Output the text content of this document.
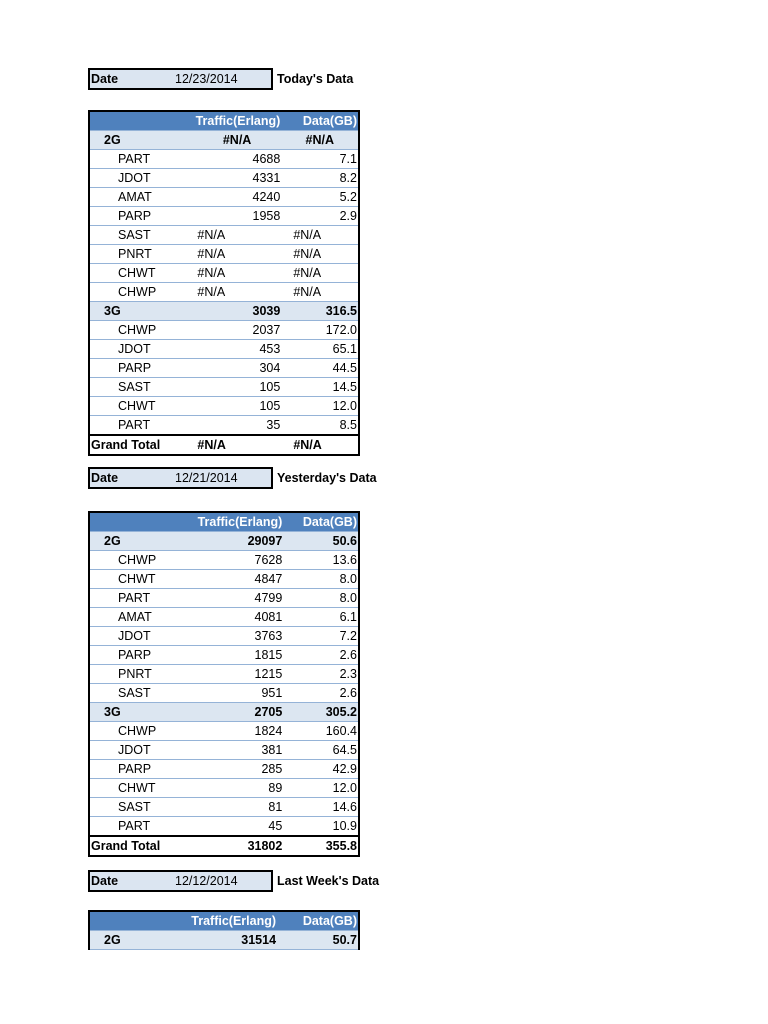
Date	12/23/2014	Today's Data
	Traffic(Erlang)	Data(GB)
2G	#N/A	#N/A
PART	4688	7.1
JDOT	4331	8.2
AMAT	4240	5.2
PARP	1958	2.9
SAST	#N/A	#N/A
PNRT	#N/A	#N/A
CHWT	#N/A	#N/A
CHWP	#N/A	#N/A
3G	3039	316.5
CHWP	2037	172.0
JDOT	453	65.1
PARP	304	44.5
SAST	105	14.5
CHWT	105	12.0
PART	35	8.5
Grand Total	#N/A	#N/A
Date	12/21/2014	Yesterday's Data
	Traffic(Erlang)	Data(GB)
2G	29097	50.6
CHWP	7628	13.6
CHWT	4847	8.0
PART	4799	8.0
AMAT	4081	6.1
JDOT	3763	7.2
PARP	1815	2.6
PNRT	1215	2.3
SAST	951	2.6
3G	2705	305.2
CHWP	1824	160.4
JDOT	381	64.5
PARP	285	42.9
CHWT	89	12.0
SAST	81	14.6
PART	45	10.9
Grand Total	31802	355.8
Date	12/12/2014	Last Week's Data
	Traffic(Erlang)	Data(GB)
2G	31514	50.7
